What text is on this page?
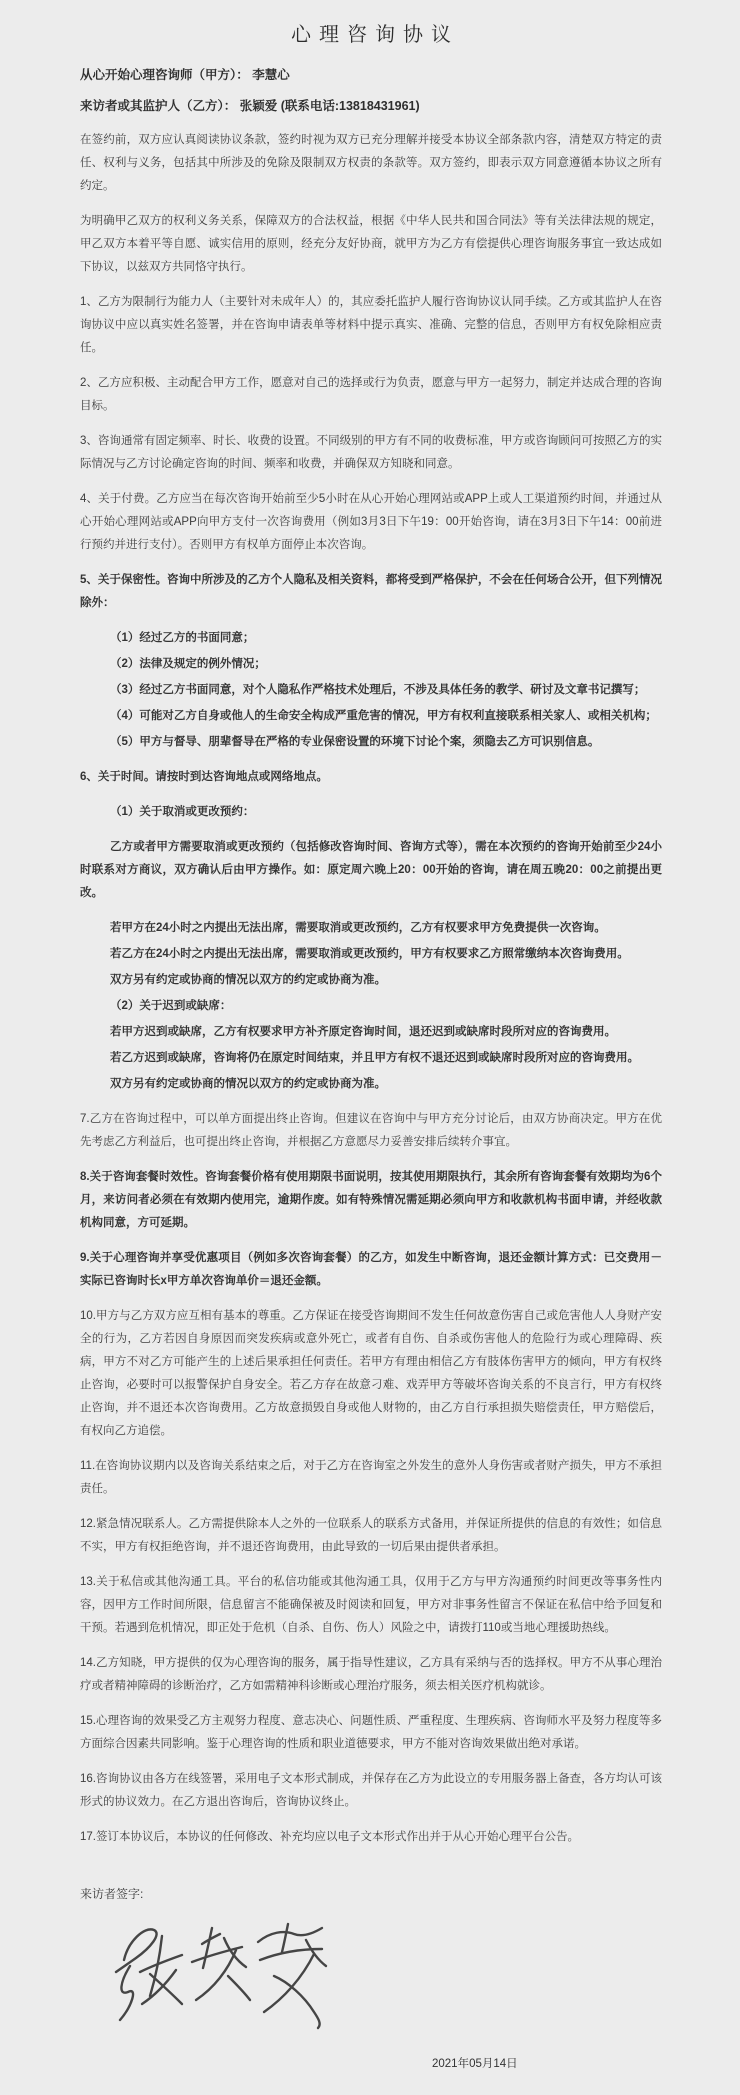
心理咨询协议

从心开始心理咨询师（甲方）： 李慧心

来访者或其监护人（乙方）： 张颖爱 (联系电话:13818431961)

在签约前，双方应认真阅读协议条款，签约时视为双方已充分理解并接受本协议全部条款内容，清楚双方特定的责任、权利与义务，包括其中所涉及的免除及限制双方权责的条款等。双方签约，即表示双方同意遵循本协议之所有约定。

为明确甲乙双方的权利义务关系，保障双方的合法权益，根据《中华人民共和国合同法》等有关法律法规的规定，甲乙双方本着平等自愿、诚实信用的原则，经充分友好协商，就甲方为乙方有偿提供心理咨询服务事宜一致达成如下协议，以兹双方共同恪守执行。

1、乙方为限制行为能力人（主要针对未成年人）的，其应委托监护人履行咨询协议认同手续。乙方或其监护人在咨询协议中应以真实姓名签署，并在咨询申请表单等材料中提示真实、准确、完整的信息，否则甲方有权免除相应责任。

2、乙方应积极、主动配合甲方工作，愿意对自己的选择或行为负责，愿意与甲方一起努力，制定并达成合理的咨询目标。

3、咨询通常有固定频率、时长、收费的设置。不同级别的甲方有不同的收费标准，甲方或咨询顾问可按照乙方的实际情况与乙方讨论确定咨询的时间、频率和收费，并确保双方知晓和同意。

4、关于付费。乙方应当在每次咨询开始前至少5小时在从心开始心理网站或APP上或人工渠道预约时间，并通过从心开始心理网站或APP向甲方支付一次咨询费用（例如3月3日下午19：00开始咨询，请在3月3日下午14：00前进行预约并进行支付）。否则甲方有权单方面停止本次咨询。

5、关于保密性。咨询中所涉及的乙方个人隐私及相关资料，都将受到严格保护，不会在任何场合公开，但下列情况除外：

（1）经过乙方的书面同意；

（2）法律及规定的例外情况；

（3）经过乙方书面同意，对个人隐私作严格技术处理后，不涉及具体任务的教学、研讨及文章书记撰写；

（4）可能对乙方自身或他人的生命安全构成严重危害的情况，甲方有权利直接联系相关家人、或相关机构；

（5）甲方与督导、朋辈督导在严格的专业保密设置的环境下讨论个案，须隐去乙方可识别信息。

6、关于时间。请按时到达咨询地点或网络地点。

（1）关于取消或更改预约：

乙方或者甲方需要取消或更改预约（包括修改咨询时间、咨询方式等），需在本次预约的咨询开始前至少24小时联系对方商议，双方确认后由甲方操作。如：原定周六晚上20：00开始的咨询，请在周五晚20：00之前提出更改。

若甲方在24小时之内提出无法出席，需要取消或更改预约，乙方有权要求甲方免费提供一次咨询。

若乙方在24小时之内提出无法出席，需要取消或更改预约，甲方有权要求乙方照常缴纳本次咨询费用。

双方另有约定或协商的情况以双方的约定或协商为准。

（2）关于迟到或缺席：

若甲方迟到或缺席，乙方有权要求甲方补齐原定咨询时间，退还迟到或缺席时段所对应的咨询费用。

若乙方迟到或缺席，咨询将仍在原定时间结束，并且甲方有权不退还迟到或缺席时段所对应的咨询费用。

双方另有约定或协商的情况以双方的约定或协商为准。

7.乙方在咨询过程中，可以单方面提出终止咨询。但建议在咨询中与甲方充分讨论后，由双方协商决定。甲方在优先考虑乙方利益后，也可提出终止咨询，并根据乙方意愿尽力妥善安排后续转介事宜。

8.关于咨询套餐时效性。咨询套餐价格有使用期限书面说明，按其使用期限执行，其余所有咨询套餐有效期均为6个月，来访问者必须在有效期内使用完，逾期作废。如有特殊情况需延期必须向甲方和收款机构书面申请，并经收款机构同意，方可延期。

9.关于心理咨询并享受优惠项目（例如多次咨询套餐）的乙方，如发生中断咨询，退还金额计算方式：已交费用－实际已咨询时长x甲方单次咨询单价＝退还金额。

10.甲方与乙方双方应互相有基本的尊重。乙方保证在接受咨询期间不发生任何故意伤害自己或危害他人人身财产安全的行为，乙方若因自身原因而突发疾病或意外死亡，或者有自伤、自杀或伤害他人的危险行为或心理障碍、疾病，甲方不对乙方可能产生的上述后果承担任何责任。若甲方有理由相信乙方有肢体伤害甲方的倾向，甲方有权终止咨询，必要时可以报警保护自身安全。若乙方存在故意刁难、戏弄甲方等破坏咨询关系的不良言行，甲方有权终止咨询，并不退还本次咨询费用。乙方故意损毁自身或他人财物的，由乙方自行承担损失赔偿责任，甲方赔偿后，有权向乙方追偿。

11.在咨询协议期内以及咨询关系结束之后，对于乙方在咨询室之外发生的意外人身伤害或者财产损失，甲方不承担责任。

12.紧急情况联系人。乙方需提供除本人之外的一位联系人的联系方式备用，并保证所提供的信息的有效性；如信息不实，甲方有权拒绝咨询，并不退还咨询费用，由此导致的一切后果由提供者承担。

13.关于私信或其他沟通工具。平台的私信功能或其他沟通工具，仅用于乙方与甲方沟通预约时间更改等事务性内容，因甲方工作时间所限，信息留言不能确保被及时阅读和回复，甲方对非事务性留言不保证在私信中给予回复和干预。若遇到危机情况，即正处于危机（自杀、自伤、伤人）风险之中，请拨打110或当地心理援助热线。

14.乙方知晓，甲方提供的仅为心理咨询的服务，属于指导性建议，乙方具有采纳与否的选择权。甲方不从事心理治疗或者精神障碍的诊断治疗，乙方如需精神科诊断或心理治疗服务，须去相关医疗机构就诊。

15.心理咨询的效果受乙方主观努力程度、意志决心、问题性质、严重程度、生理疾病、咨询师水平及努力程度等多方面综合因素共同影响。鉴于心理咨询的性质和职业道德要求，甲方不能对咨询效果做出绝对承诺。

16.咨询协议由各方在线签署，采用电子文本形式制成，并保存在乙方为此设立的专用服务器上备查，各方均认可该形式的协议效力。在乙方退出咨询后，咨询协议终止。

17.签订本协议后，本协议的任何修改、补充均应以电子文本形式作出并于从心开始心理平台公告。

来访者签字:

2021年05月14日
